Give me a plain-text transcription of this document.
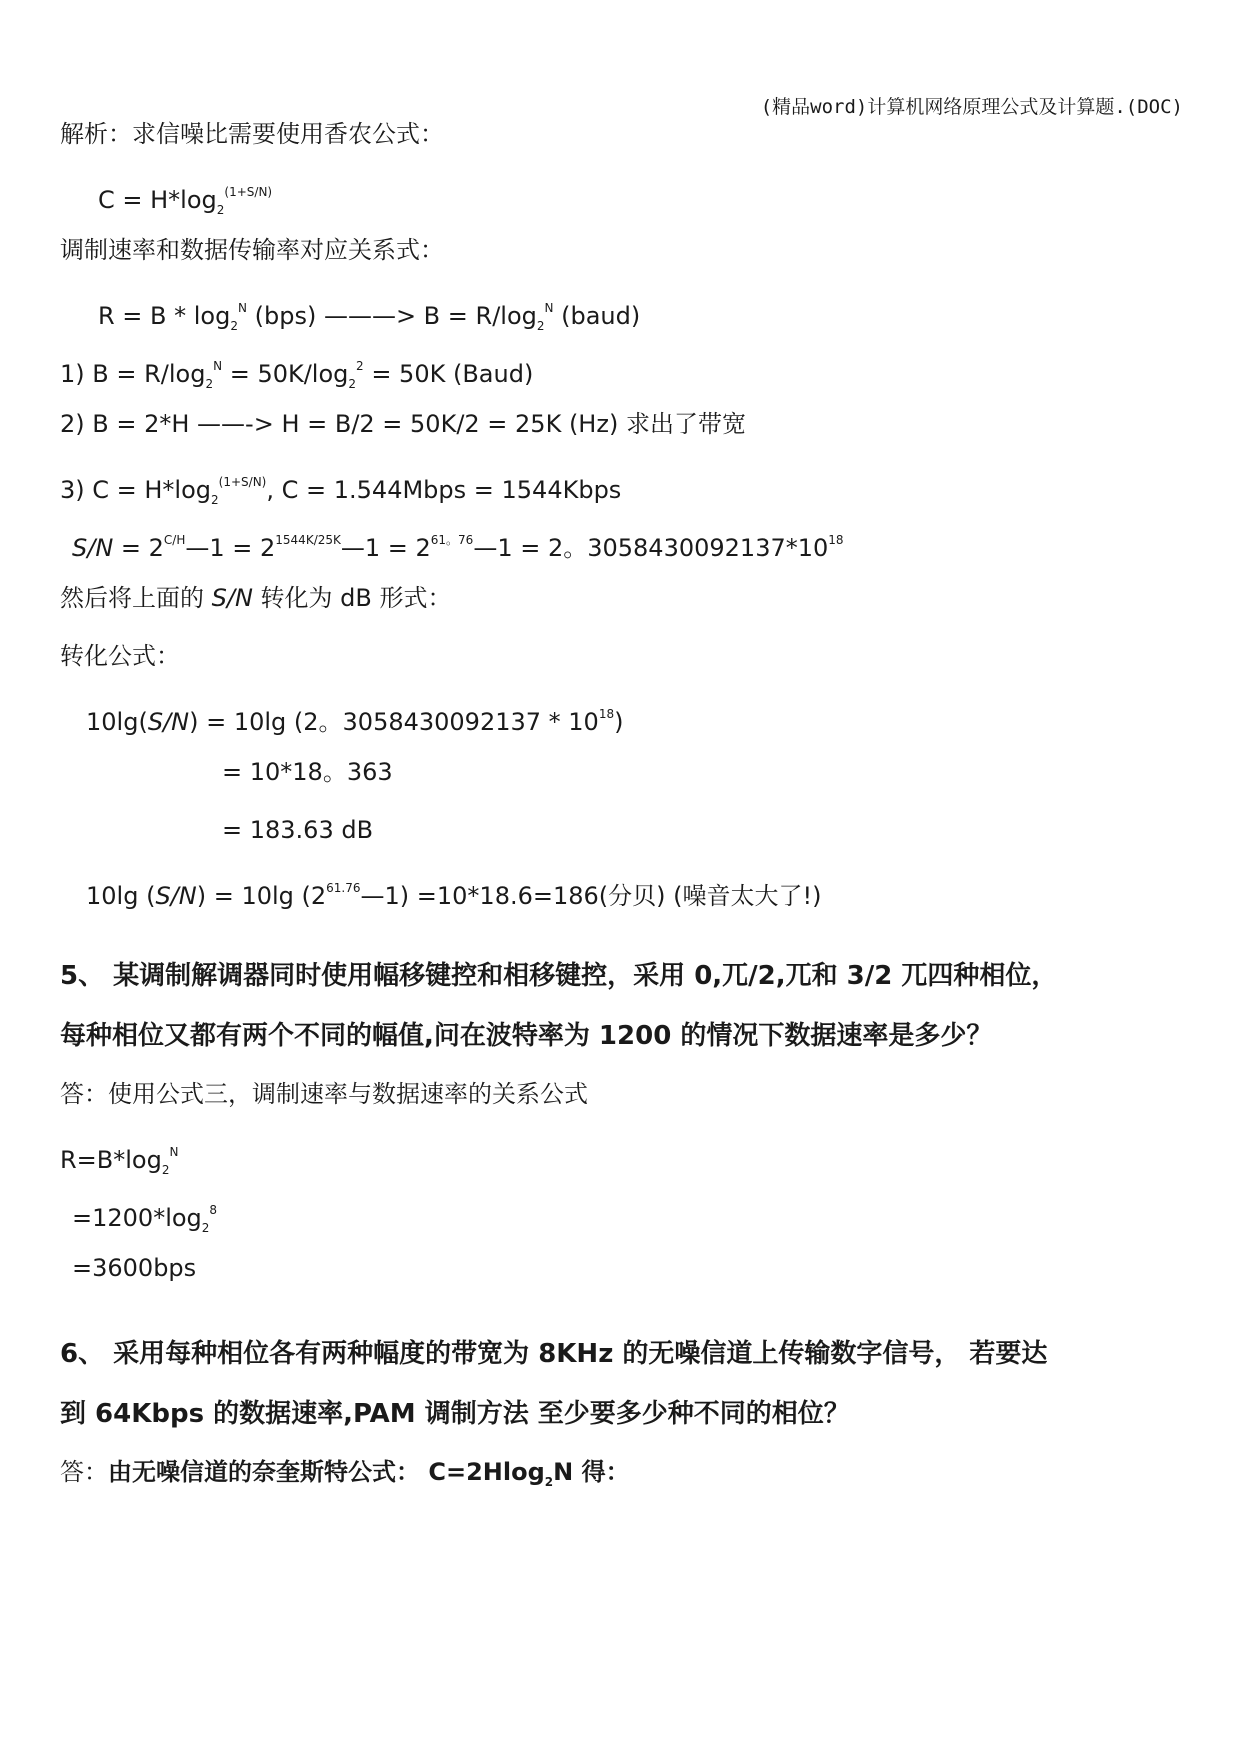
(精品word)计算机网络原理公式及计算题.(DOC)
解析：求信噪比需要使用香农公式：
$C = H*\log_2^{(1+S/N)}$
调制速率和数据传输率对应关系式：
$R = B * \log_2^N (bps)$ ———> $B = R/\log_2^N$ (baud)
1) $B = R/\log_2^N = 50K/\log_2^2 = 50K$ (Baud)
2) B = 2*H ——-> H = B/2 = 50K/2 = 25K (Hz) 求出了带宽
3) $C = H*\log_2^{(1+S/N)}$, C = 1.544Mbps = 1544Kbps
$S/N = 2^{C/H}—1$ = $2^{1544K/25K}—1$ = $2^{61。76}—1 = 2$。$3058430092137*10^{18}$
然后将上面的 S/N 转化为 dB 形式：
转化公式：
10lg(S/N) = 10lg (2。$3058430092137 * 10^{18}$)
= 10*18。363
= 183.63 dB
10lg (S/N) = 10lg $(2^{61.76}—1) =10*18.6=186$(分贝) (噪音太大了!)
5、 某调制解调器同时使用幅移键控和相移键控，采用 0,兀/2,兀和 3/2 兀四种相位，
每种相位又都有两个不同的幅值,问在波特率为 1200 的情况下数据速率是多少？
答：使用公式三，调制速率与数据速率的关系公式
$R=B*\log_2^N$
$=1200*\log_2^8$
=3600bps
6、 采用每种相位各有两种幅度的带宽为 8KHz 的无噪信道上传输数字信号， 若要达
到 64Kbps 的数据速率,PAM 调制方法 至少要多少种不同的相位？
答：由无噪信道的奈奎斯特公式： C=2Hlog$_2$N 得：
